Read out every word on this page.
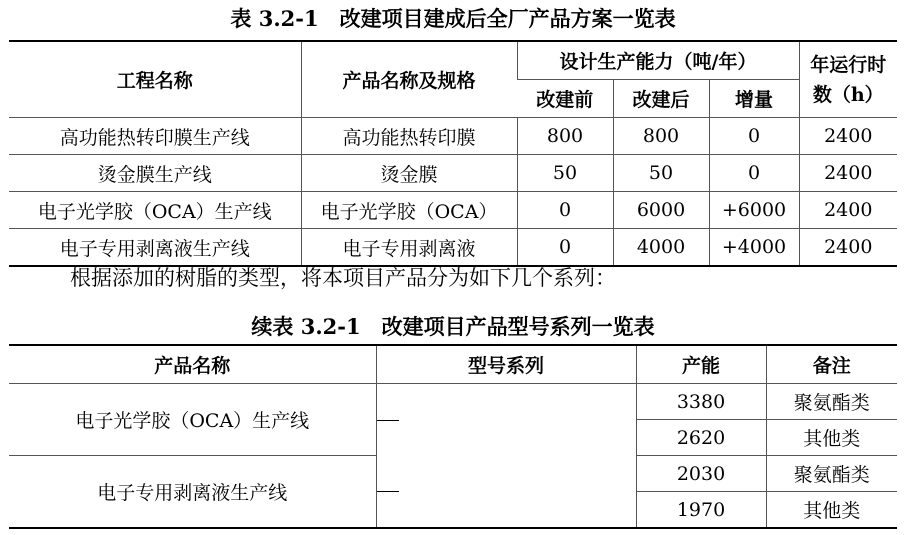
表 3.2-1　改建项目建成后全厂产品方案一览表
工程名称	产品名称及规格	设计生产能力（吨/年）			年运行时数（h）
		改建前	改建后	增量	
高功能热转印膜生产线	高功能热转印膜	800	800	0	2400
烫金膜生产线	烫金膜	50	50	0	2400
电子光学胶（OCA）生产线	电子光学胶（OCA）	0	6000	+6000	2400
电子专用剥离液生产线	电子专用剥离液	0	4000	+4000	2400
根据添加的树脂的类型，将本项目产品分为如下几个系列：
续表 3.2-1　改建项目产品型号系列一览表
产品名称	型号系列	产能	备注
电子光学胶（OCA）生产线		3380	聚氨酯类
		2620	其他类
电子专用剥离液生产线		2030	聚氨酯类
		1970	其他类
